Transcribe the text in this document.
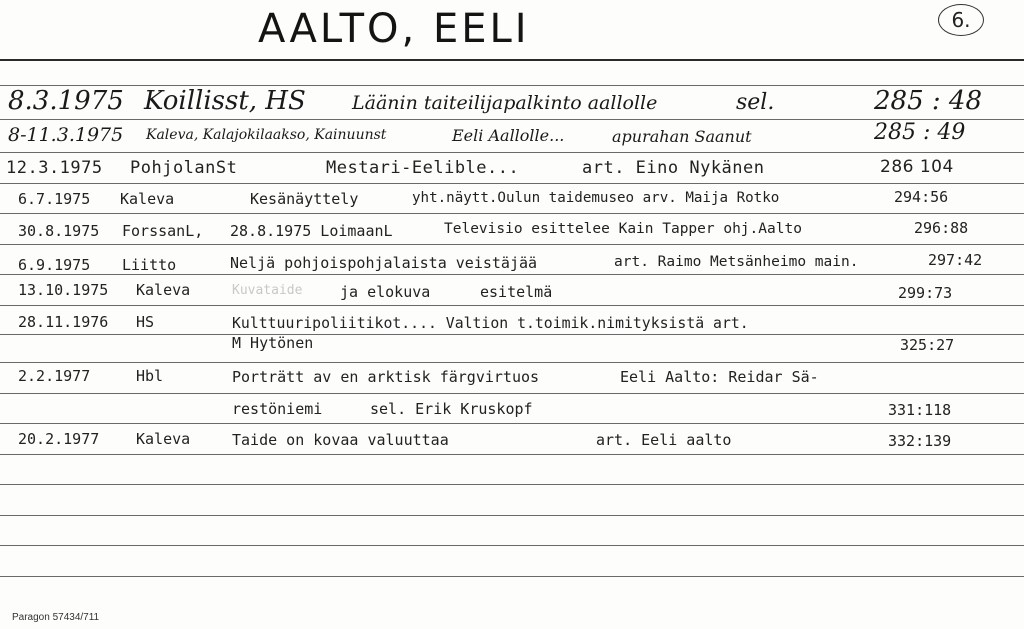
AALTO, EELI	6.
8.3.1975 Koillisst, HS Läänin taiteilijapalkinto aallolle	sel.	285 : 48
8-11.3.1975 Kaleva, Kalajokilaakso, Kainuunst	Eeli Aallolle...	apurahan Saanut	285 : 49
12.3.1975 PohjolanSt	Mestari-Eelible...	art. Eino Nykänen	286 104
6.7.1975 Kaleva	Kesänäyttely	yht.näytt.Oulun taidemuseo arv. Maija Rotko	294:56
30.8.1975 ForssanL, 28.8.1975 LoimaanL	Televisio esittelee Kain Tapper ohj.Aalto	296:88
6.9.1975 Liitto	Neljä pohjoispohjalaista veistäjää	art. Raimo Metsänheimo main.	297:42
13.10.1975 Kaleva	Kuvataide	ja elokuva	esitelmä	299:73
28.11.1976 HS	Kulttuuripoliitikot.... Valtion t.toimik.nimityksistä art.
M Hytönen	325:27
2.2.1977	Hbl	Porträtt av en arktisk färgvirtuos	Eeli Aalto: Reidar Sä-
restöniemi	sel. Erik Kruskopf	331:118
20.2.1977 Kaleva	Taide on kovaa valuuttaa	art. Eeli aalto	332:139
Paragon 57434/711
